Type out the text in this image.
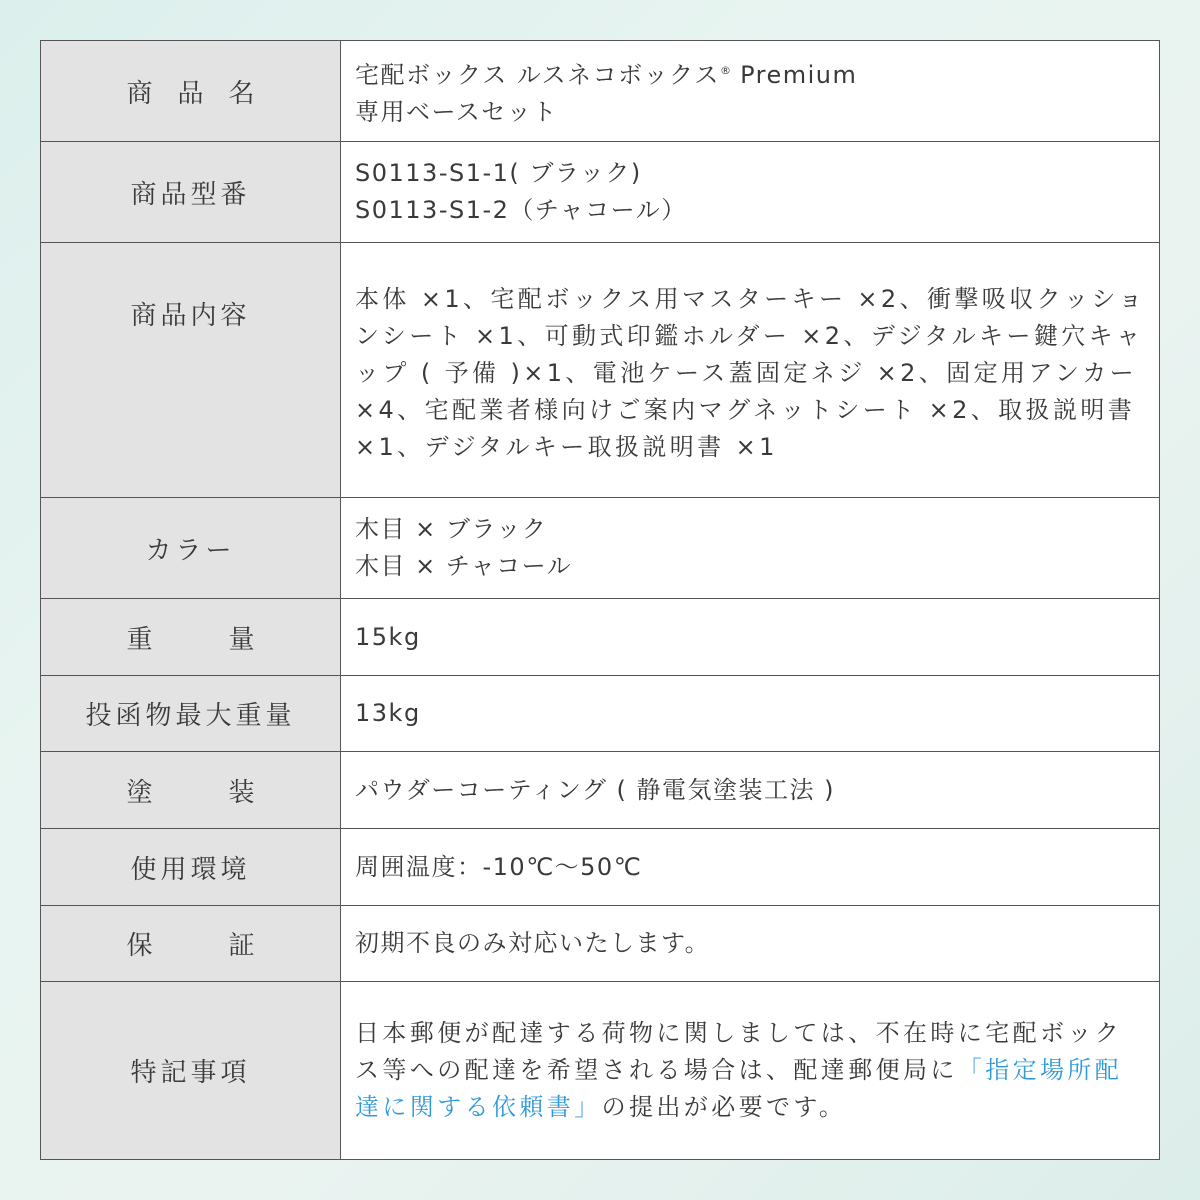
商品名	宅配ボックス ルスネコボックス® Premium
専用ベースセット

商品型番	S0113-S1-1( ブラック)
S0113-S1-2（チャコール）

商品内容	本体 ×1、宅配ボックス用マスターキー ×2、衝撃吸収クッションシート ×1、可動式印鑑ホルダー ×2、デジタルキー鍵穴キャップ ( 予備 )×1、電池ケース蓋固定ネジ ×2、固定用アンカー ×4、宅配業者様向けご案内マグネットシート ×2、取扱説明書 ×1、デジタルキー取扱説明書 ×1

カラー	木目 × ブラック
木目 × チャコール

重量	15kg

投函物最大重量	13kg

塗装	パウダーコーティング ( 静電気塗装工法 )

使用環境	周囲温度：-10℃～50℃

保証	初期不良のみ対応いたします。

特記事項	日本郵便が配達する荷物に関しましては、不在時に宅配ボックス等への配達を希望される場合は、配達郵便局に「指定場所配達に関する依頼書」の提出が必要です。
